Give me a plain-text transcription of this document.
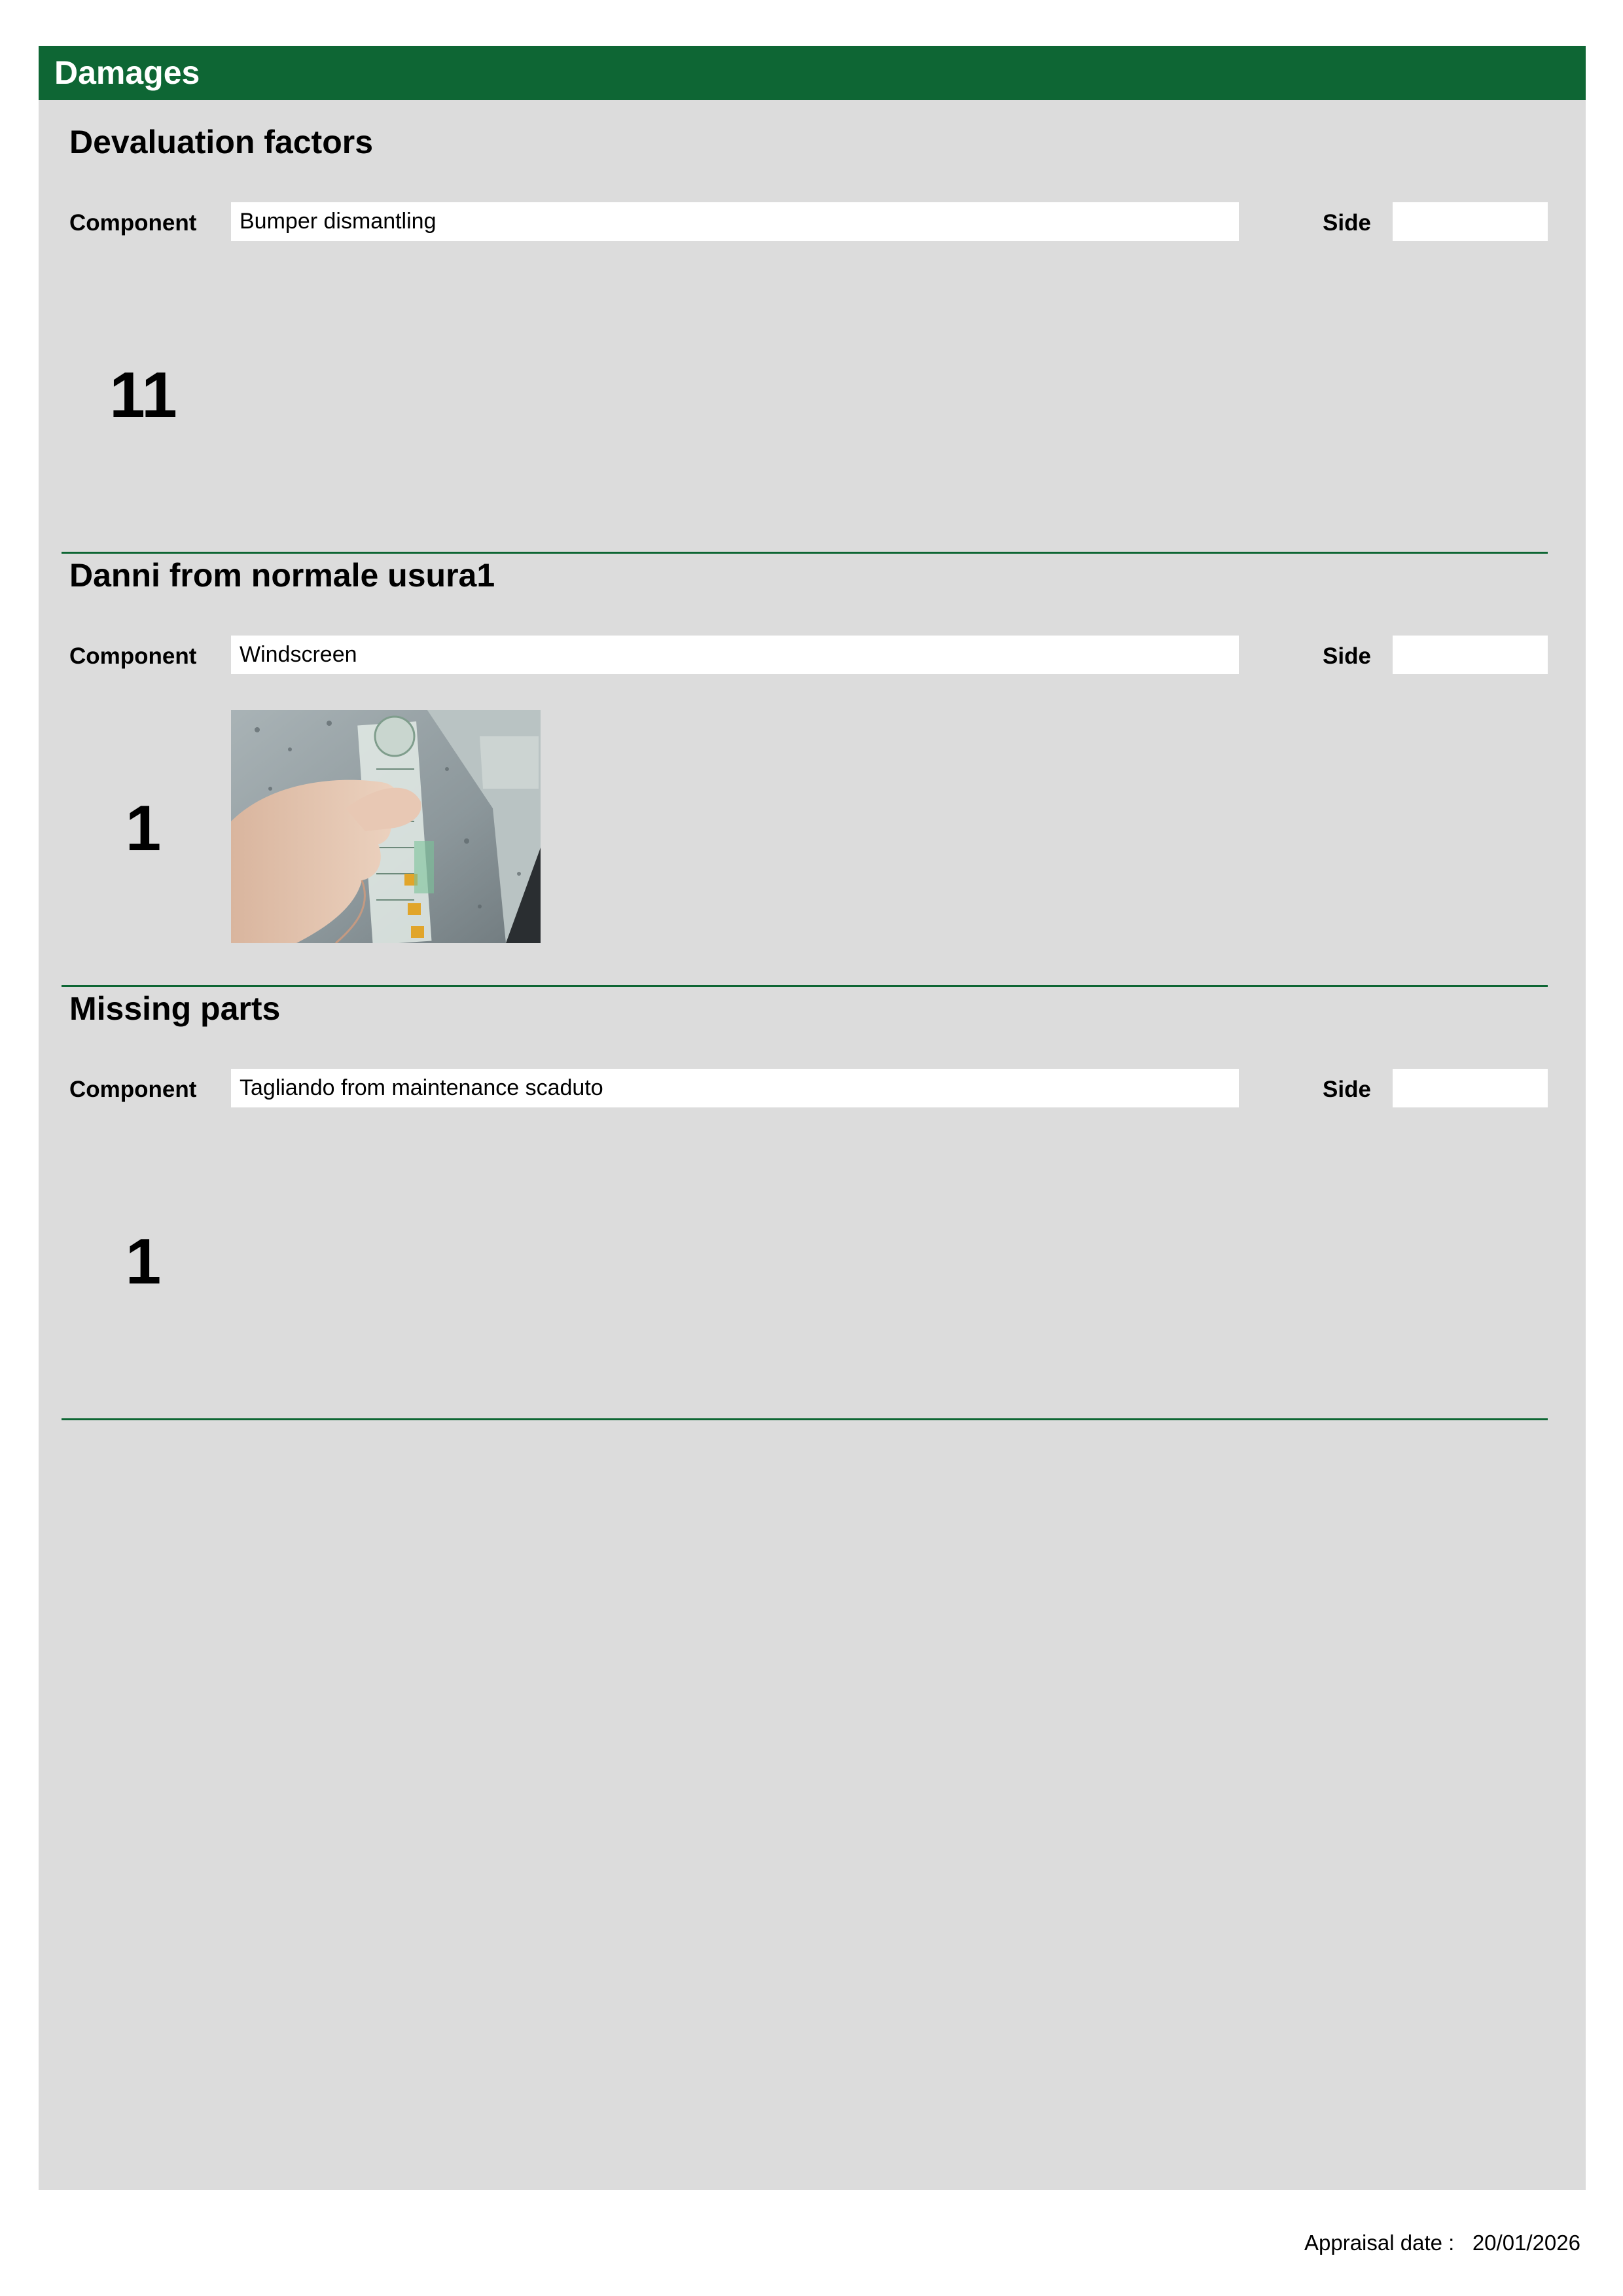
Damages
Devaluation factors
Component	Bumper dismantling	Side
11
Danni from normale usura1
Component	Windscreen	Side
1
Missing parts
Component	Tagliando from maintenance scaduto	Side
1
Appraisal date : 20/01/2026
